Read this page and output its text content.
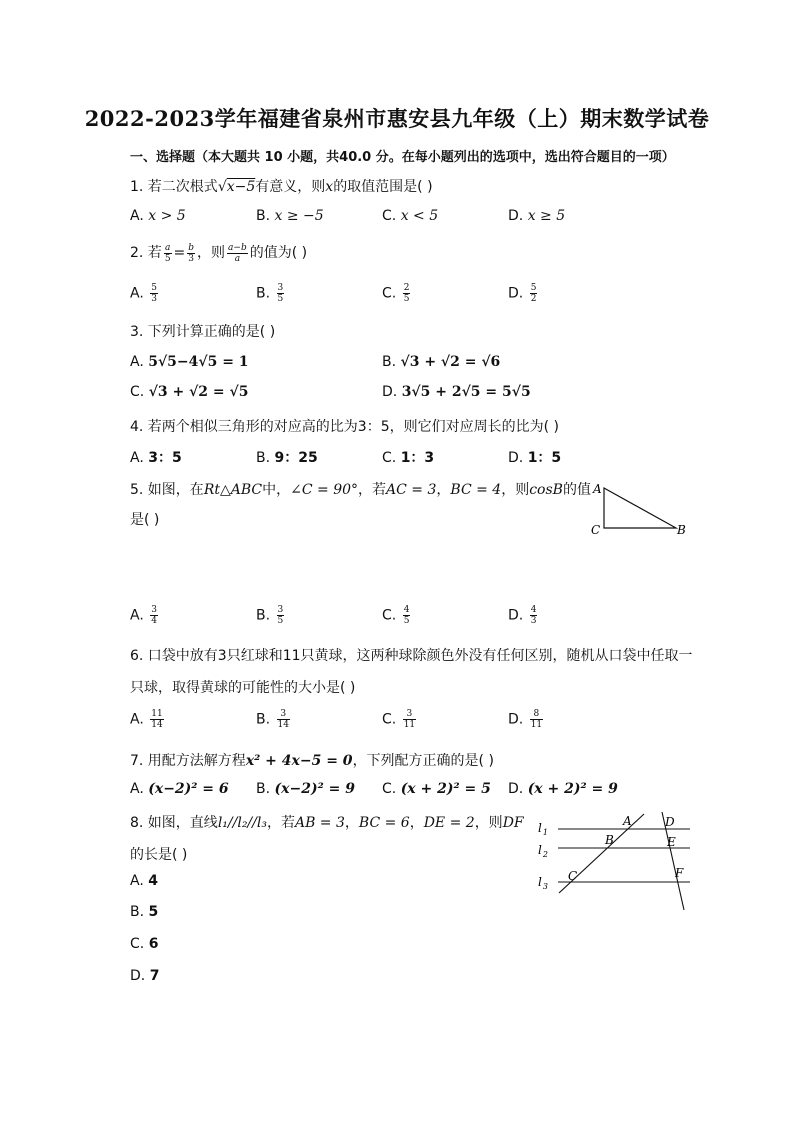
2022-2023学年福建省泉州市惠安县九年级（上）期末数学试卷
一、选择题（本大题共 10 小题，共40.0 分。在每小题列出的选项中，选出符合题目的一项）
1. 若二次根式√x−5有意义，则x的取值范围是( )
A. x > 5	B. x ≥ −5	C. x < 5	D. x ≥ 5
2. 若 $\frac{a}{5} = \frac{b}{3}$ ，则 $\frac{a-b}{a}$ 的值为( )
A. $\frac{5}{3}$	B. $\frac{3}{5}$	C. $\frac{2}{5}$	D. $\frac{5}{2}$
3. 下列计算正确的是( )
A. 5√5−4√5 = 1	B. √3 + √2 = √6
C. √3 + √2 = √5	D. 3√5 + 2√5 = 5√5
4. 若两个相似三角形的对应高的比为3：5，则它们对应周长的比为( )
A. 3：5	B. 9：25	C. 1：3	D. 1：5
5. 如图，在Rt△ABC中，∠C = 90°，若AC = 3，BC = 4，则cosB的值
是( )
A
C	B
A. $\frac{3}{4}$	B. $\frac{3}{5}$	C. $\frac{4}{5}$	D. $\frac{4}{3}$
6. 口袋中放有3只红球和11只黄球，这两种球除颜色外没有任何区别，随机从口袋中任取一
只球，取得黄球的可能性的大小是( )
A. $\frac{11}{14}$	B. $\frac{3}{14}$	C. $\frac{3}{11}$	D. $\frac{8}{11}$
7. 用配方法解方程x² + 4x−5 = 0，下列配方正确的是( )
A. (x−2)² = 6 B. (x−2)² = 9 C. (x + 2)² = 5 D. (x + 2)² = 9
8. 如图，直线l₁//l₂//l₃，若AB = 3，BC = 6，DE = 2，则DF
的长是( )
$l_1$
$l_2$
$l_3$
A
B
C
D
E
F
A. 4
B. 5
C. 6
D. 7
